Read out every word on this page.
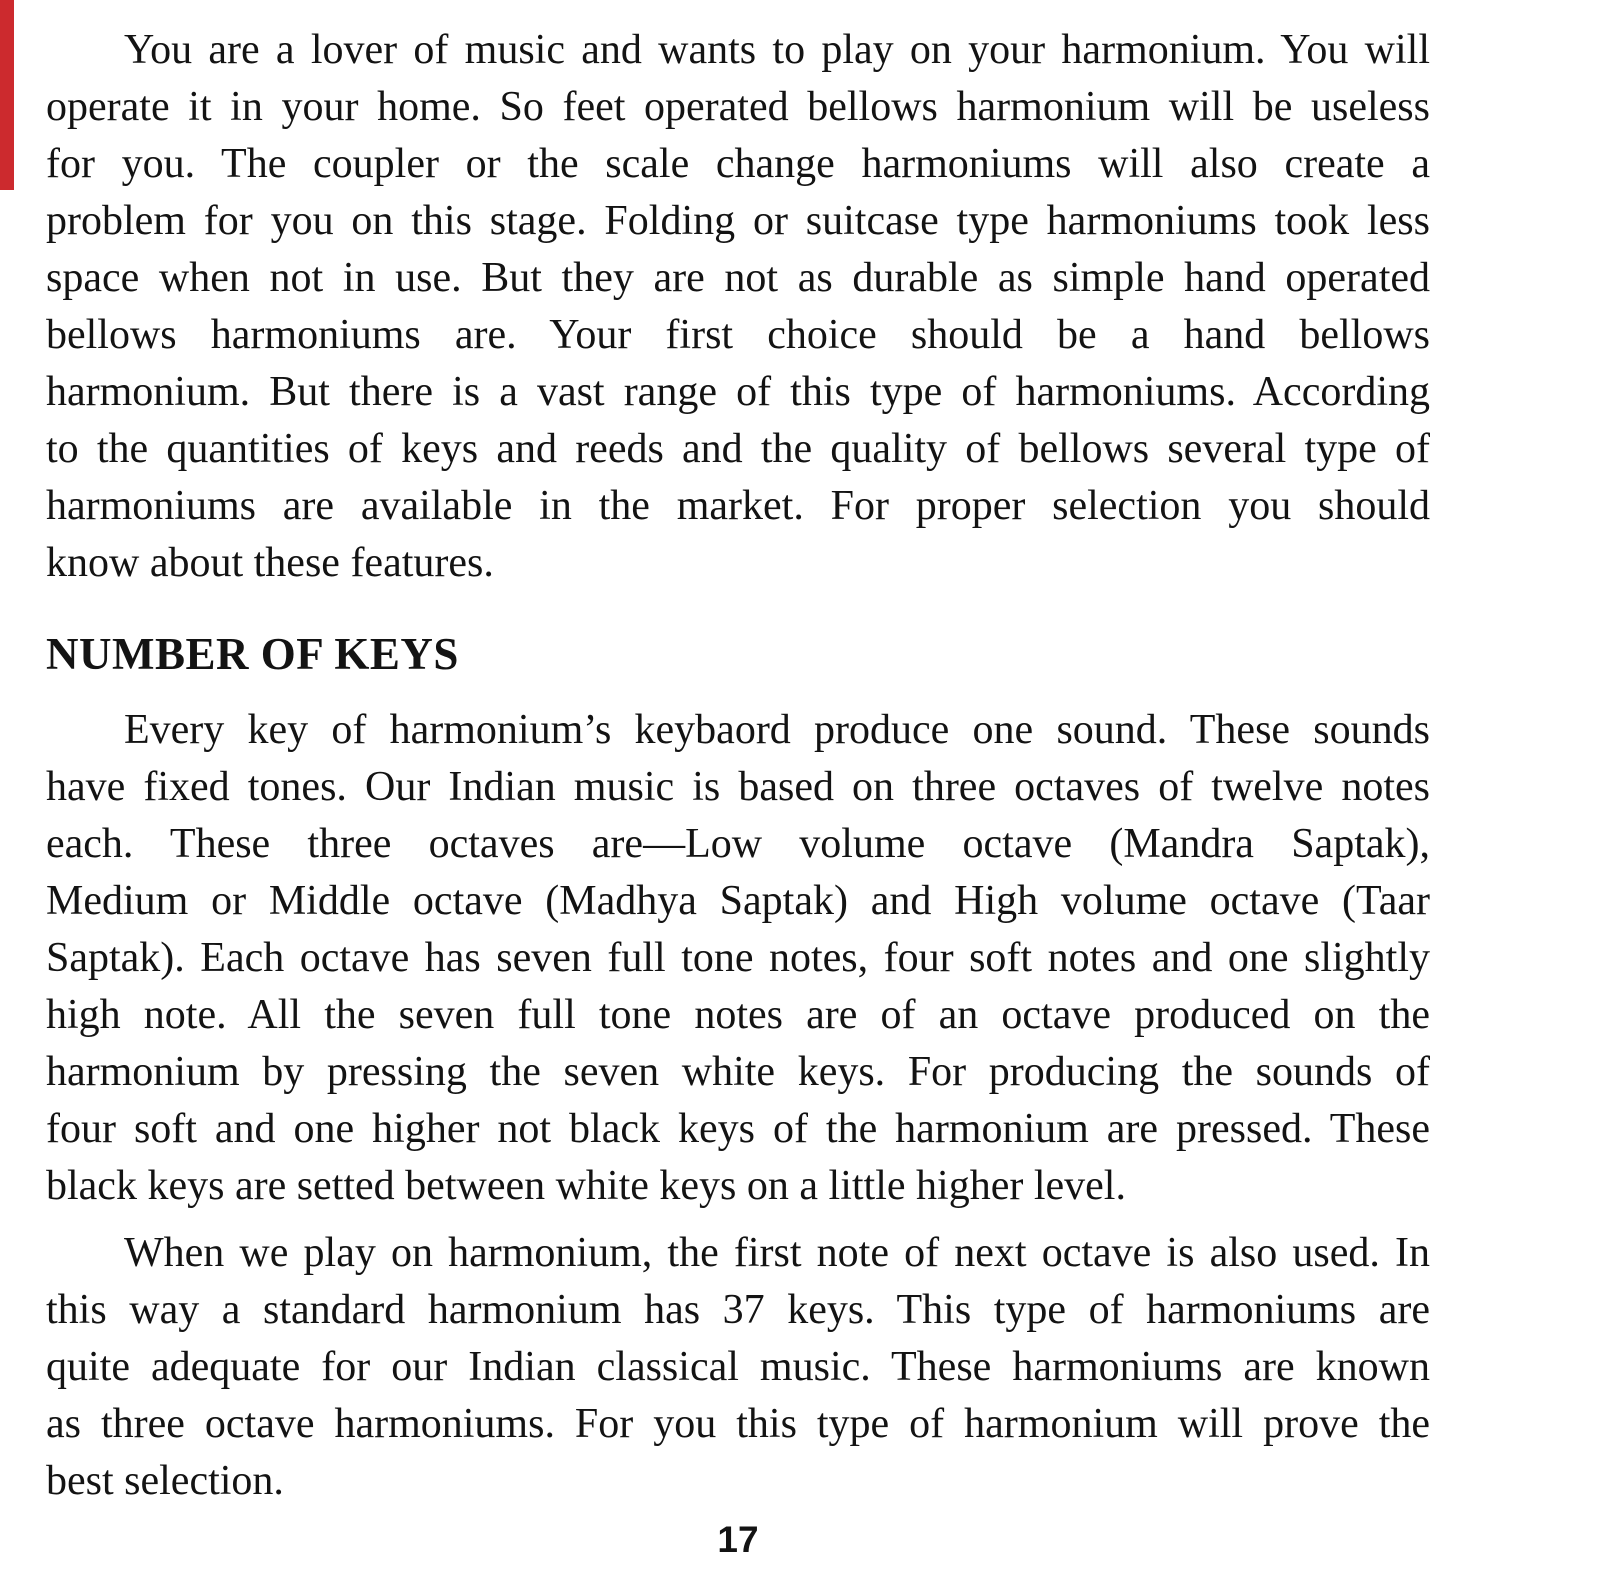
You are a lover of music and wants to play on your harmonium. You will
operate it in your home. So feet operated bellows harmonium will be useless
for you. The coupler or the scale change harmoniums will also create a
problem for you on this stage. Folding or suitcase type harmoniums took less
space when not in use. But they are not as durable as simple hand operated
bellows harmoniums are. Your first choice should be a hand bellows
harmonium. But there is a vast range of this type of harmoniums. According
to the quantities of keys and reeds and the quality of bellows several type of
harmoniums are available in the market. For proper selection you should
know about these features.
NUMBER OF KEYS
Every key of harmonium’s keybaord produce one sound. These sounds
have fixed tones. Our Indian music is based on three octaves of twelve notes
each. These three octaves are—Low volume octave (Mandra Saptak),
Medium or Middle octave (Madhya Saptak) and High volume octave (Taar
Saptak). Each octave has seven full tone notes, four soft notes and one slightly
high note. All the seven full tone notes are of an octave produced on the
harmonium by pressing the seven white keys. For producing the sounds of
four soft and one higher not black keys of the harmonium are pressed. These
black keys are setted between white keys on a little higher level.
When we play on harmonium, the first note of next octave is also used. In
this way a standard harmonium has 37 keys. This type of harmoniums are
quite adequate for our Indian classical music. These harmoniums are known
as three octave harmoniums. For you this type of harmonium will prove the
best selection.
17
